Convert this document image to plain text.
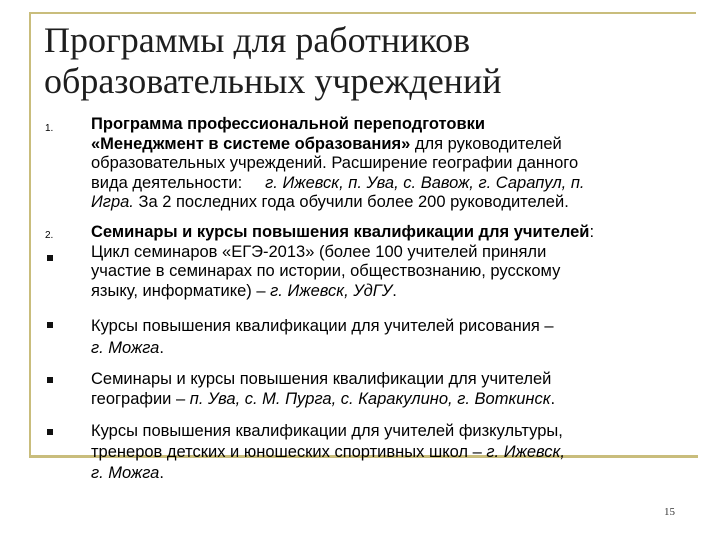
Программы для работников
образовательных учреждений
1. Программа профессиональной переподготовки
«Менеджмент в системе образования» для руководителей
образовательных учреждений. Расширение географии данного
вида деятельности:     г. Ижевск, п. Ува, с. Вавож, г. Сарапул, п.
Игра. За 2 последних года обучили более 200 руководителей.
2. Семинары и курсы повышения квалификации для учителей:
Цикл семинаров «ЕГЭ-2013» (более 100 учителей приняли
участие в семинарах по истории, обществознанию, русскому
языку, информатике) – г. Ижевск, УдГУ.
Курсы повышения квалификации для учителей рисования –
г. Можга.
Семинары и курсы повышения квалификации для учителей
географии – п. Ува, с. М. Пурга, с. Каракулино, г. Воткинск.
Курсы повышения квалификации для учителей физкультуры,
тренеров детских и юношеских спортивных школ – г. Ижевск,
г. Можга.
15
